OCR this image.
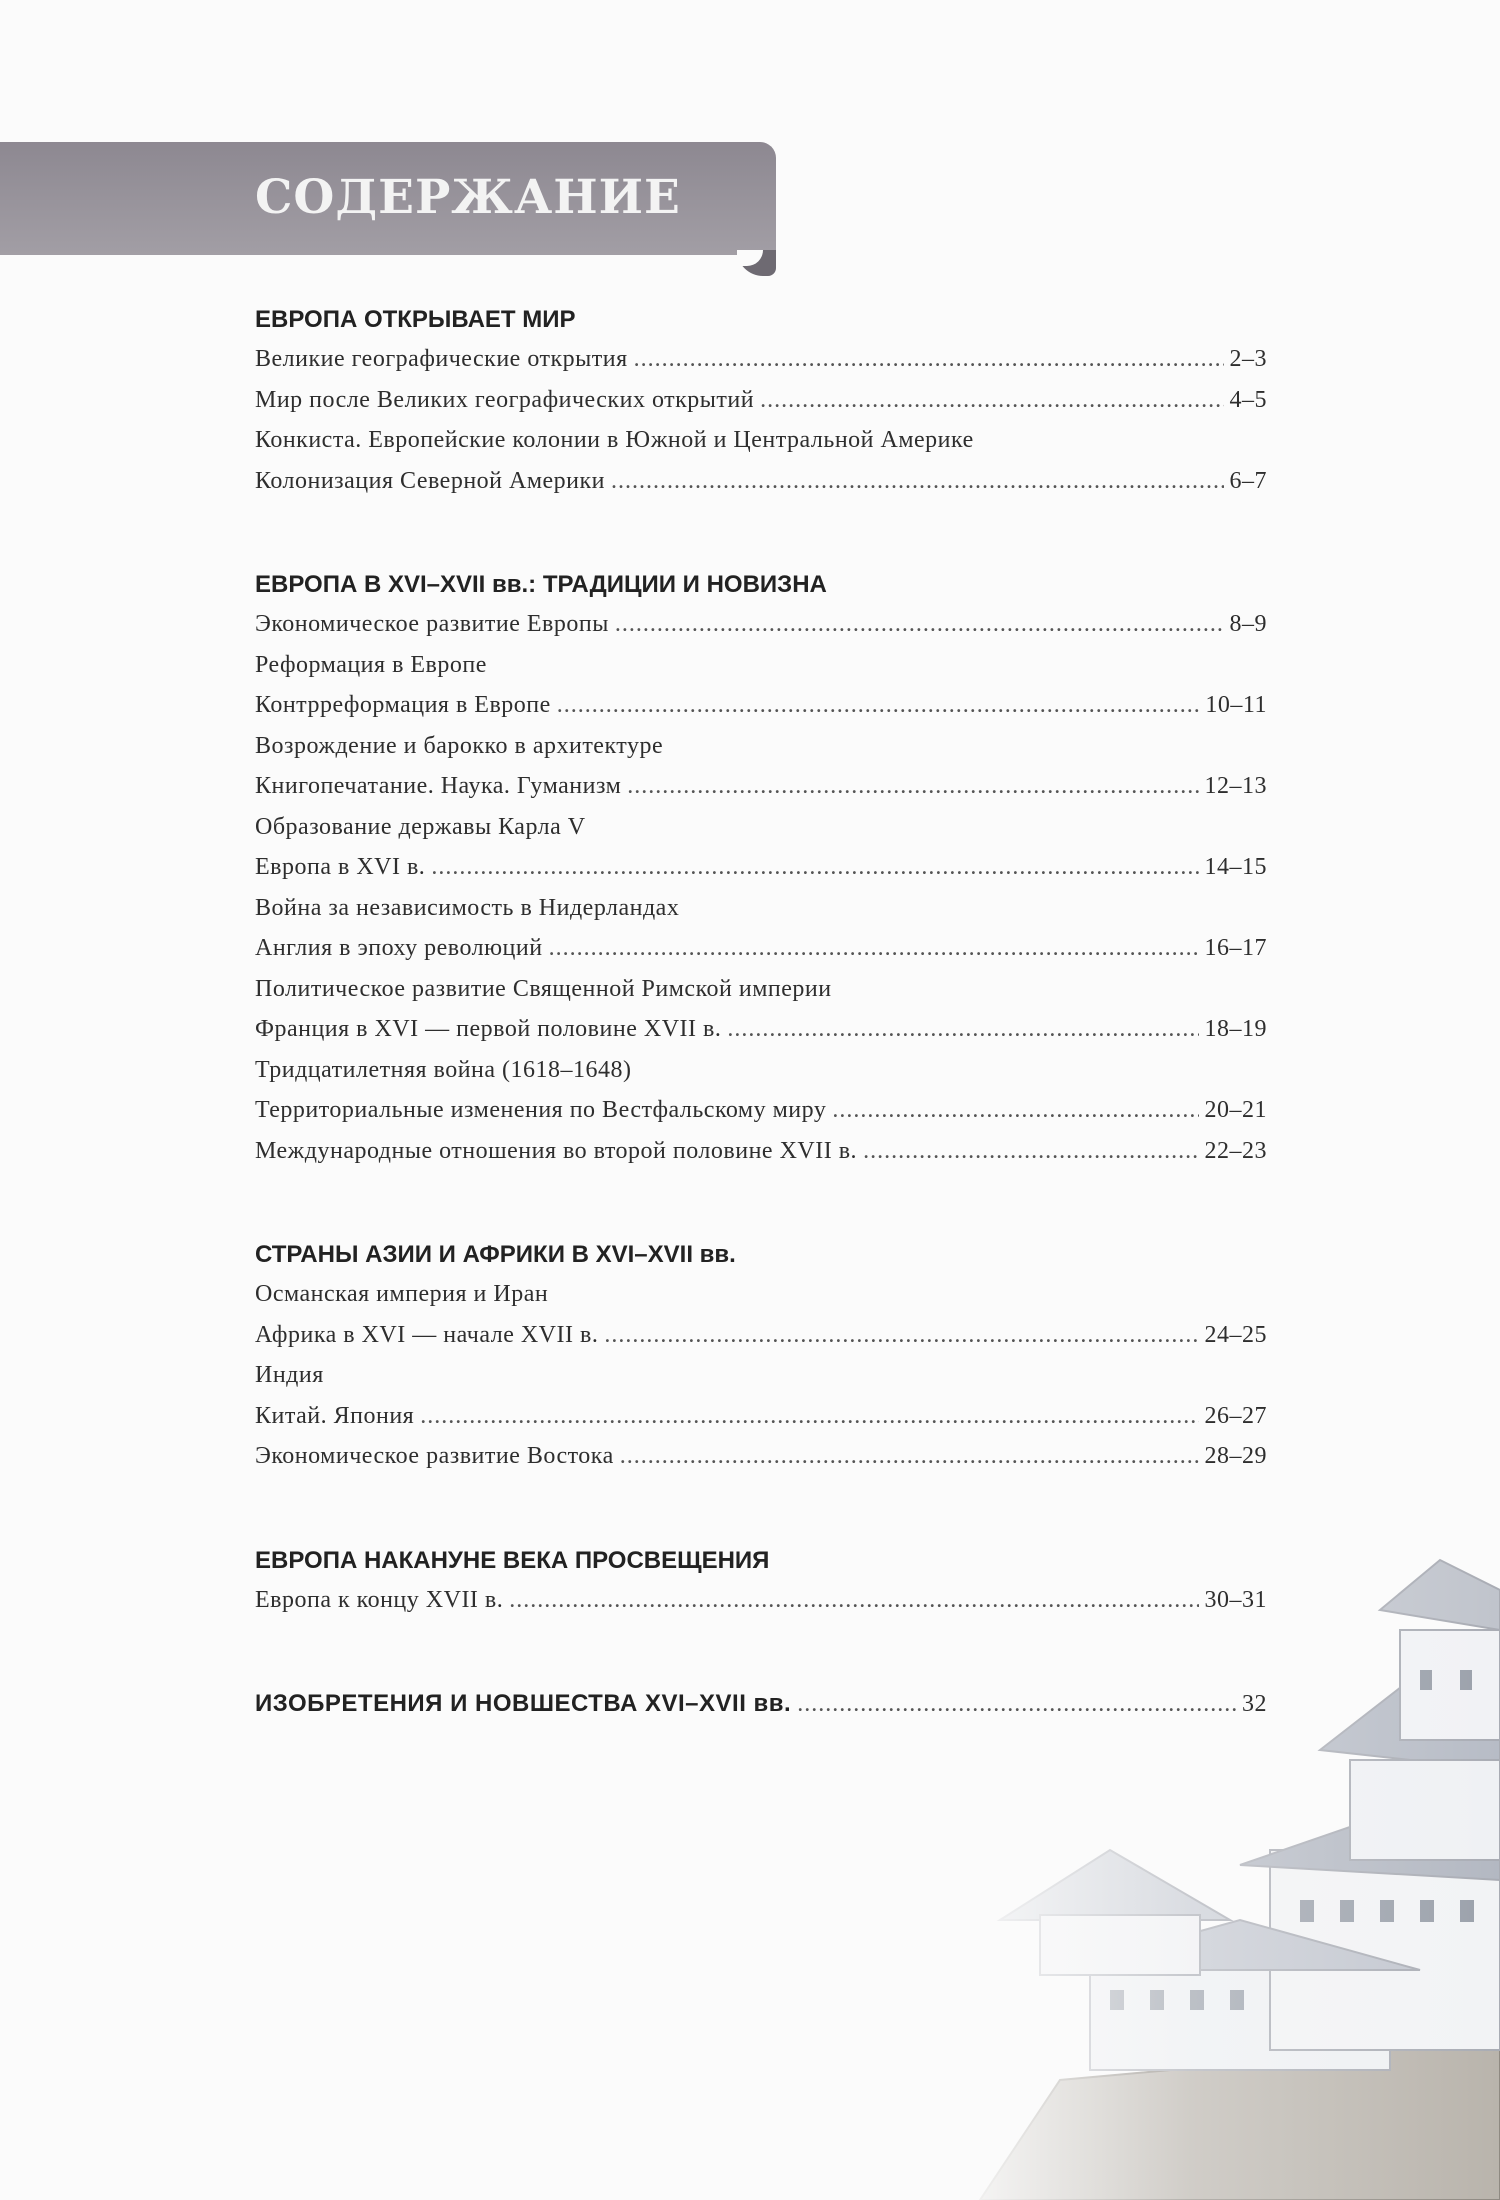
СОДЕРЖАНИЕ
ЕВРОПА ОТКРЫВАЕТ МИР
Великие географические открытия .....	2–3
Мир после Великих географических открытий .....	4–5
Конкиста. Европейские колонии в Южной и Центральной Америке
Колонизация Северной Америки .....	6–7
ЕВРОПА В XVI–XVII вв.: ТРАДИЦИИ И НОВИЗНА
Экономическое развитие Европы .....	8–9
Реформация в Европе
Контрреформация в Европе .....	10–11
Возрождение и барокко в архитектуре
Книгопечатание. Наука. Гуманизм .....	12–13
Образование державы Карла V
Европа в XVI в. .....	14–15
Война за независимость в Нидерландах
Англия в эпоху революций .....	16–17
Политическое развитие Священной Римской империи
Франция в XVI — первой половине XVII в. .....	18–19
Тридцатилетняя война (1618–1648)
Территориальные изменения по Вестфальскому миру .....	20–21
Международные отношения во второй половине XVII в. .....	22–23
СТРАНЫ АЗИИ И АФРИКИ В XVI–XVII вв.
Османская империя и Иран
Африка в XVI — начале XVII в. .....	24–25
Индия
Китай. Япония .....	26–27
Экономическое развитие Востока .....	28–29
ЕВРОПА НАКАНУНЕ ВЕКА ПРОСВЕЩЕНИЯ
Европа к концу XVII в. .....	30–31
ИЗОБРЕТЕНИЯ И НОВШЕСТВА XVI–XVII вв. .....	32
